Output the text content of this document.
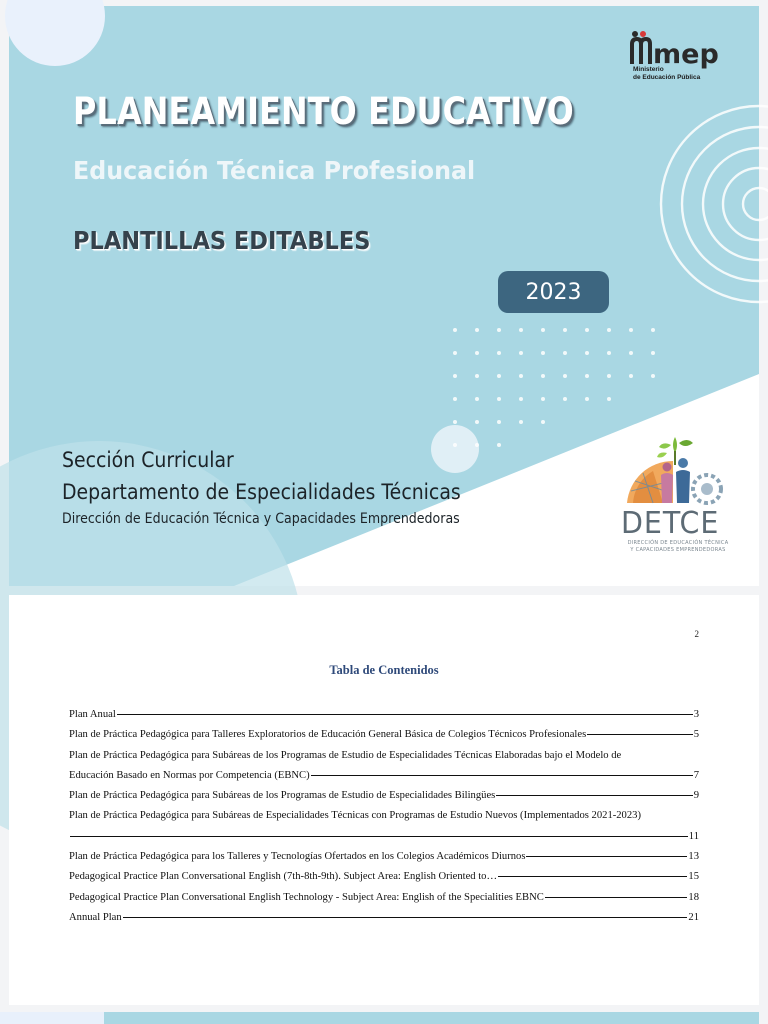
mep
Ministerio
de Educación Pública
PLANEAMIENTO EDUCATIVO
Educación Técnica Profesional
PLANTILLAS EDITABLES
2023

Sección Curricular

Departamento de Especialidades Técnicas

Dirección de Educación Técnica y Capacidades Emprendedoras	DETCE
DIRECCIÓN DE EDUCACIÓN TÉCNICA
Y CAPACIDADES EMPRENDEDORAS
2
Tabla de Contenidos
Plan Anual	3
Plan de Práctica Pedagógica para Talleres Exploratorios de Educación General Básica de Colegios Técnicos Profesionales	5
Plan de Práctica Pedagógica para Subáreas de los Programas de Estudio de Especialidades Técnicas Elaboradas bajo el Modelo de
Educación Basado en Normas por Competencia (EBNC)	7
Plan de Práctica Pedagógica para Subáreas de los Programas de Estudio de Especialidades Bilingües	9
Plan de Práctica Pedagógica para Subáreas de Especialidades Técnicas con Programas de Estudio Nuevos (Implementados 2021-2023)
11
Plan de Práctica Pedagógica para los Talleres y Tecnologías Ofertados en los Colegios Académicos Diurnos	13
Pedagogical Practice Plan Conversational English (7th-8th-9th). Subject Area: English Oriented to…	15
Pedagogical Practice Plan Conversational English Technology - Subject Area: English of the Specialities EBNC	18
Annual Plan	21
